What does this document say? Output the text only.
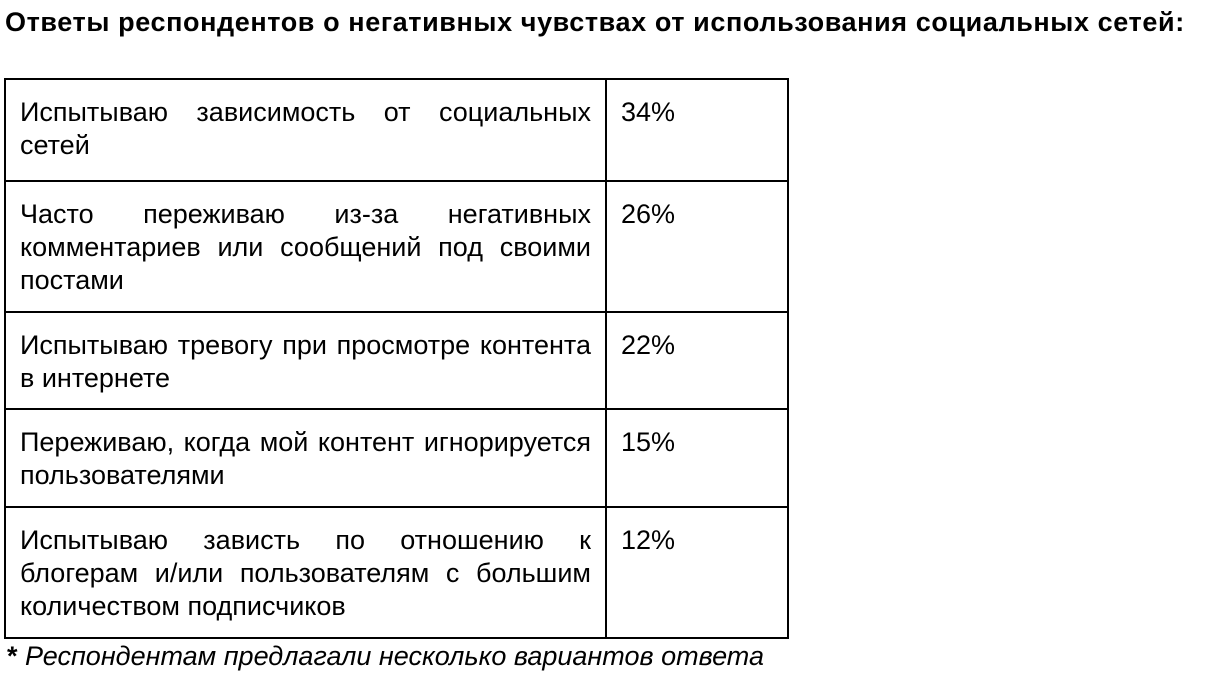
Ответы респондентов о негативных чувствах от использования социальных сетей:
Испытываю зависимость от социальных сетей	34%
Часто переживаю из-за негативных комментариев или сообщений под своими постами	26%
Испытываю тревогу при просмотре контента в интернете	22%
Переживаю, когда мой контент игнорируется пользователями	15%
Испытываю зависть по отношению к блогерам и/или пользователям с большим количеством подписчиков	12%

* Респондентам предлагали несколько вариантов ответа
